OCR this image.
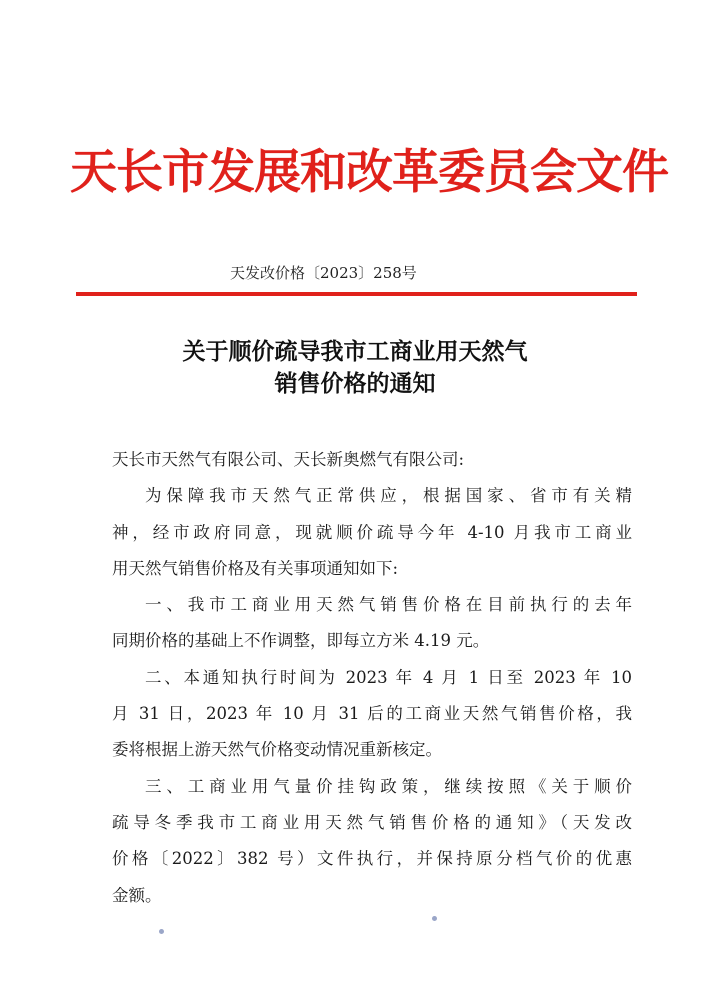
天长市发展和改革委员会文件
天发改价格〔2023〕258号
关于顺价疏导我市工商业用天然气
销售价格的通知
天长市天然气有限公司、天长新奥燃气有限公司:
为保障我市天然气正常供应，根据国家、省市有关精
神，经市政府同意，现就顺价疏导今年 4-10 月我市工商业
用天然气销售价格及有关事项通知如下:
一、我市工商业用天然气销售价格在目前执行的去年
同期价格的基础上不作调整，即每立方米 4.19 元。
二、本通知执行时间为 2023 年 4 月 1 日至 2023 年 10
月 31 日，2023 年 10 月 31 后的工商业天然气销售价格，我
委将根据上游天然气价格变动情况重新核定。
三、工商业用气量价挂钩政策，继续按照《关于顺价
疏导冬季我市工商业用天然气销售价格的通知》（天发改
价格〔2022〕382 号）文件执行，并保持原分档气价的优惠
金额。
